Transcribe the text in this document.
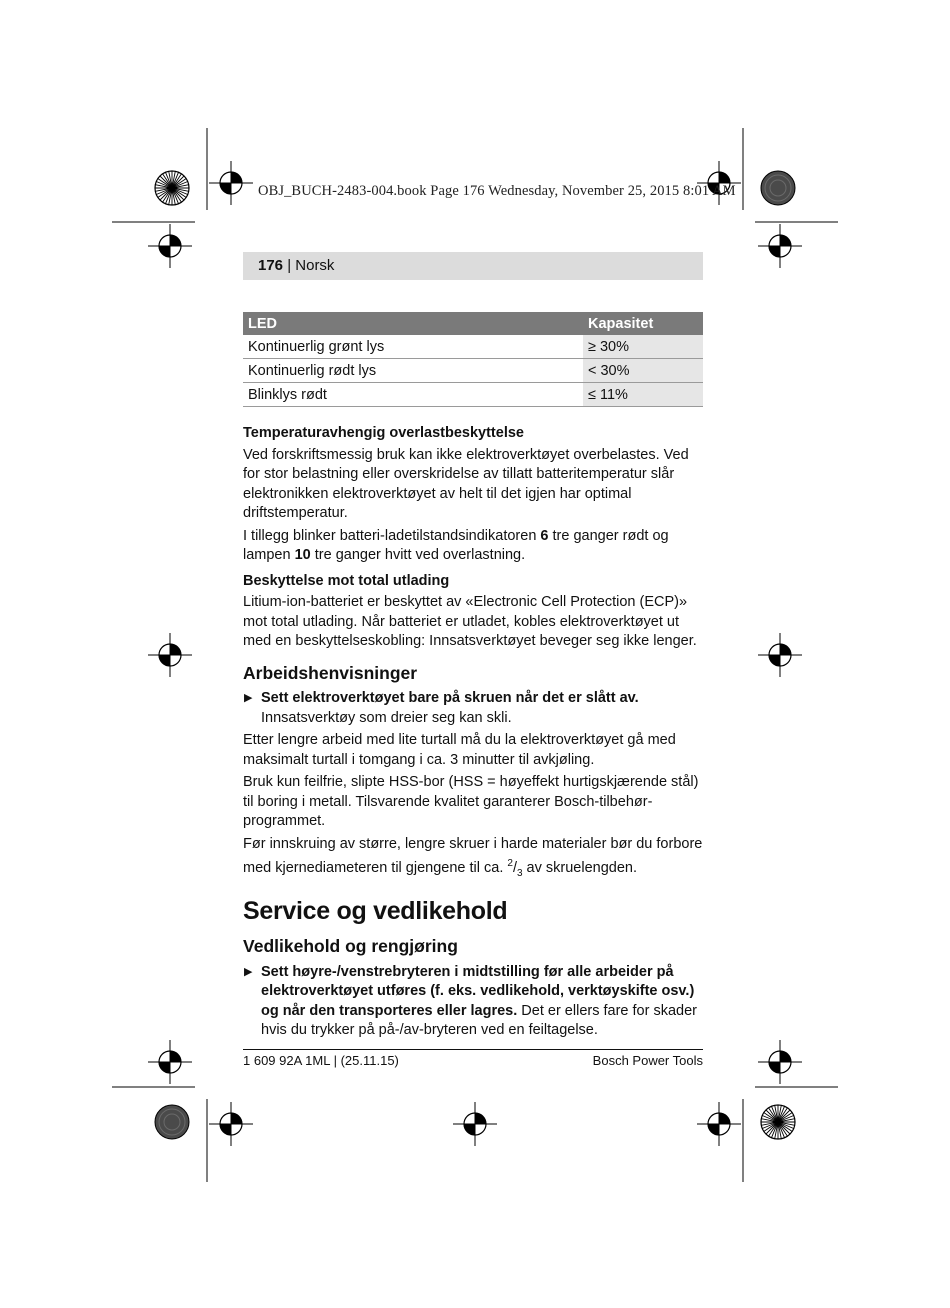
OBJ_BUCH-2483-004.book Page 176 Wednesday, November 25, 2015 8:01 AM
176 | Norsk
LED	Kapasitet
Kontinuerlig grønt lys	≥ 30%
Kontinuerlig rødt lys	< 30%
Blinklys rødt	≤ 11%
Temperaturavhengig overlastbeskyttelse

Ved forskriftsmessig bruk kan ikke elektroverktøyet overbelastes. Ved for stor belastning eller overskridelse av tillatt batteritemperatur slår elektronikken elektroverktøyet av helt til det igjen har optimal driftstemperatur.

I tillegg blinker batteri-ladetilstandsindikatoren 6 tre ganger rødt og lampen 10 tre ganger hvitt ved overlastning.

Beskyttelse mot total utlading

Litium-ion-batteriet er beskyttet av «Electronic Cell Protection (ECP)» mot total utlading. Når batteriet er utladet, kobles elektroverktøyet ut med en beskyttelseskobling: Innsatsverktøyet beveger seg ikke lenger.

Arbeidshenvisninger
▶ Sett elektroverktøyet bare på skruen når det er slått av. Innsatsverktøy som dreier seg kan skli.

Etter lengre arbeid med lite turtall må du la elektroverktøyet gå med maksimalt turtall i tomgang i ca. 3 minutter til avkjøling.

Bruk kun feilfrie, slipte HSS-bor (HSS = høyeffekt hurtigskjærende stål) til boring i metall. Tilsvarende kvalitet garanterer Bosch-tilbehør-programmet.

Før innskruing av større, lengre skruer i harde materialer bør du forbore med kjernediameteren til gjengene til ca. $^2/_3$ av skruelengden.

Service og vedlikehold
Vedlikehold og rengjøring
▶ Sett høyre-/venstrebryteren i midtstilling før alle arbeider på elektroverktøyet utføres (f. eks. vedlikehold, verktøyskifte osv.) og når den transporteres eller lagres. Det er ellers fare for skader hvis du trykker på på-/av-bryteren ved en feiltagelse.
1 609 92A 1ML | (25.11.15)	Bosch Power Tools
